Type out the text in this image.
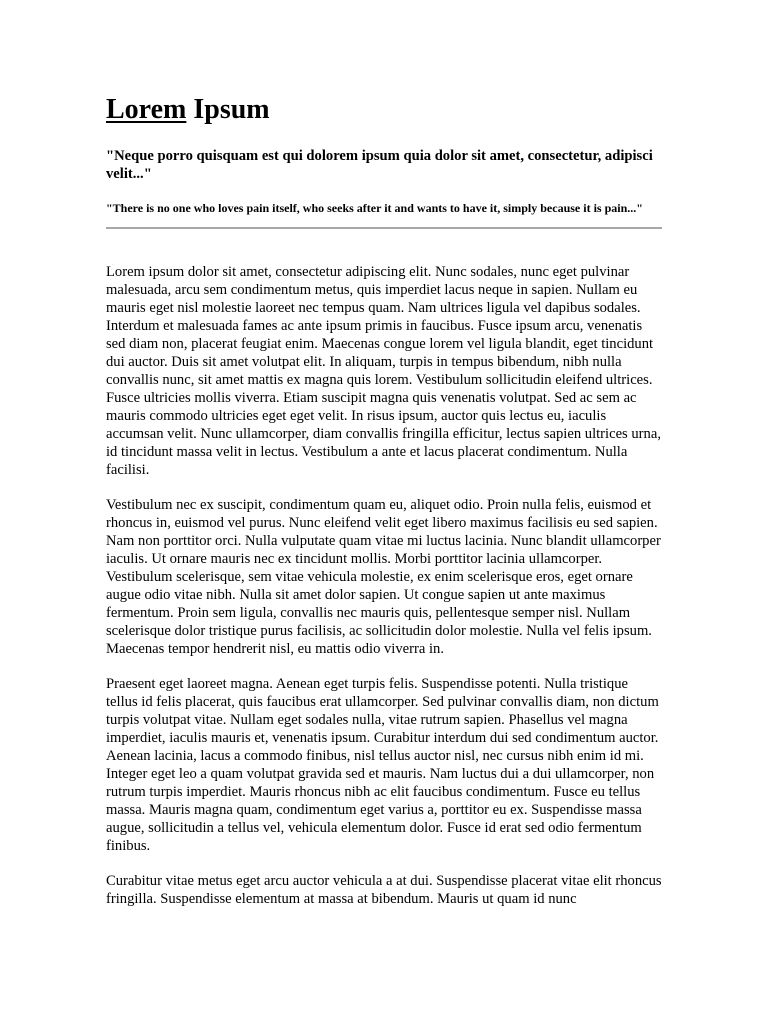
Lorem Ipsum

"Neque porro quisquam est qui dolorem ipsum quia dolor sit amet, consectetur, adipisci velit..."

"There is no one who loves pain itself, who seeks after it and wants to have it, simply because it is pain..."

Lorem ipsum dolor sit amet, consectetur adipiscing elit. Nunc sodales, nunc eget pulvinar malesuada, arcu sem condimentum metus, quis imperdiet lacus neque in sapien. Nullam eu mauris eget nisl molestie laoreet nec tempus quam. Nam ultrices ligula vel dapibus sodales. Interdum et malesuada fames ac ante ipsum primis in faucibus. Fusce ipsum arcu, venenatis sed diam non, placerat feugiat enim. Maecenas congue lorem vel ligula blandit, eget tincidunt dui auctor. Duis sit amet volutpat elit. In aliquam, turpis in tempus bibendum, nibh nulla convallis nunc, sit amet mattis ex magna quis lorem. Vestibulum sollicitudin eleifend ultrices. Fusce ultricies mollis viverra. Etiam suscipit magna quis venenatis volutpat. Sed ac sem ac mauris commodo ultricies eget eget velit. In risus ipsum, auctor quis lectus eu, iaculis accumsan velit. Nunc ullamcorper, diam convallis fringilla efficitur, lectus sapien ultrices urna, id tincidunt massa velit in lectus. Vestibulum a ante et lacus placerat condimentum. Nulla facilisi.

Vestibulum nec ex suscipit, condimentum quam eu, aliquet odio. Proin nulla felis, euismod et rhoncus in, euismod vel purus. Nunc eleifend velit eget libero maximus facilisis eu sed sapien. Nam non porttitor orci. Nulla vulputate quam vitae mi luctus lacinia. Nunc blandit ullamcorper iaculis. Ut ornare mauris nec ex tincidunt mollis. Morbi porttitor lacinia ullamcorper. Vestibulum scelerisque, sem vitae vehicula molestie, ex enim scelerisque eros, eget ornare augue odio vitae nibh. Nulla sit amet dolor sapien. Ut congue sapien ut ante maximus fermentum. Proin sem ligula, convallis nec mauris quis, pellentesque semper nisl. Nullam scelerisque dolor tristique purus facilisis, ac sollicitudin dolor molestie. Nulla vel felis ipsum. Maecenas tempor hendrerit nisl, eu mattis odio viverra in.

Praesent eget laoreet magna. Aenean eget turpis felis. Suspendisse potenti. Nulla tristique tellus id felis placerat, quis faucibus erat ullamcorper. Sed pulvinar convallis diam, non dictum turpis volutpat vitae. Nullam eget sodales nulla, vitae rutrum sapien. Phasellus vel magna imperdiet, iaculis mauris et, venenatis ipsum. Curabitur interdum dui sed condimentum auctor. Aenean lacinia, lacus a commodo finibus, nisl tellus auctor nisl, nec cursus nibh enim id mi. Integer eget leo a quam volutpat gravida sed et mauris. Nam luctus dui a dui ullamcorper, non rutrum turpis imperdiet. Mauris rhoncus nibh ac elit faucibus condimentum. Fusce eu tellus massa. Mauris magna quam, condimentum eget varius a, porttitor eu ex. Suspendisse massa augue, sollicitudin a tellus vel, vehicula elementum dolor. Fusce id erat sed odio fermentum finibus.

Curabitur vitae metus eget arcu auctor vehicula a at dui. Suspendisse placerat vitae elit rhoncus fringilla. Suspendisse elementum at massa at bibendum. Mauris ut quam id nunc
